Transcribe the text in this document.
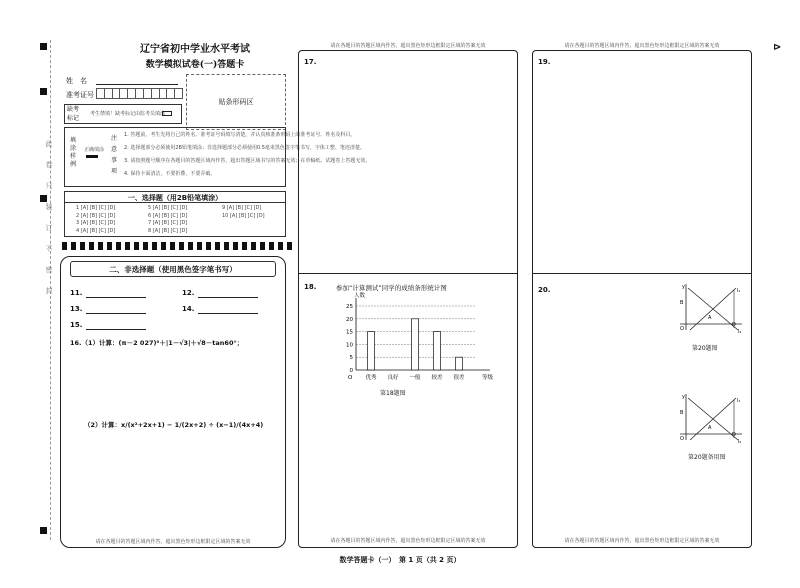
⊳
此卷只装订不密封
辽宁省初中学业水平考试
数学模拟试卷(一)答题卡
姓　名
准考证号
贴条形码区
缺考
标记
考生禁填！缺考标记由监考员填涂
填
涂
样
例
正确填涂
注
意
事
项
1. 答题前，考生先将自己的姓名、准考证号码填写清楚，并认真核准条形码上的准考证号、姓名及科目。
2. 选择题部分必须使用2B铅笔填涂；非选择题部分必须使用0.5毫米黑色签字笔书写，字体工整、笔迹清楚。
3. 请按照题号顺序在各题目的答题区域内作答，超出答题区域书写的答案无效；在草稿纸、试题卷上答题无效。
4. 保持卡面清洁，不要折叠、不要弄破。
一、选择题（用2B铅笔填涂）
1 [A] [B] [C] [D]
2 [A] [B] [C] [D]
3 [A] [B] [C] [D]
4 [A] [B] [C] [D]
5 [A] [B] [C] [D]
6 [A] [B] [C] [D]
7 [A] [B] [C] [D]
8 [A] [B] [C] [D]
9 [A] [B] [C] [D]
10 [A] [B] [C] [D]
二、非选择题（使用黑色签字笔书写）
11.	12.
13.	14.
15.
16.（1）计算：(π－2 027)⁰＋|1－√3|＋√8－tan60°；
（2）计算：x/(x²+2x+1) − 1/(2x+2) ÷ (x−1)/(4x+4)
请在各题目的答题区域内作答，超出黑色矩形边框限定区域的答案无效
请在各题目的答题区域内作答，超出黑色矩形边框限定区域的答案无效
17.
18.	参加“计算测试”同学的成绩条形统计图
0
5
10
15
20
25
人数
等级
优秀 良好 一般 较差 很差
O
第18题图
请在各题目的答题区域内作答，超出黑色矩形边框限定区域的答案无效
请在各题目的答题区域内作答，超出黑色矩形边框限定区域的答案无效
19.
20.	y
B
A
O
l₁
D
l₂
第20题图
y
B
A
O
l₁
D
l₂
第20题备用图
请在各题目的答题区域内作答，超出黑色矩形边框限定区域的答案无效
数学答题卡（一）　第 1 页（共 2 页）
